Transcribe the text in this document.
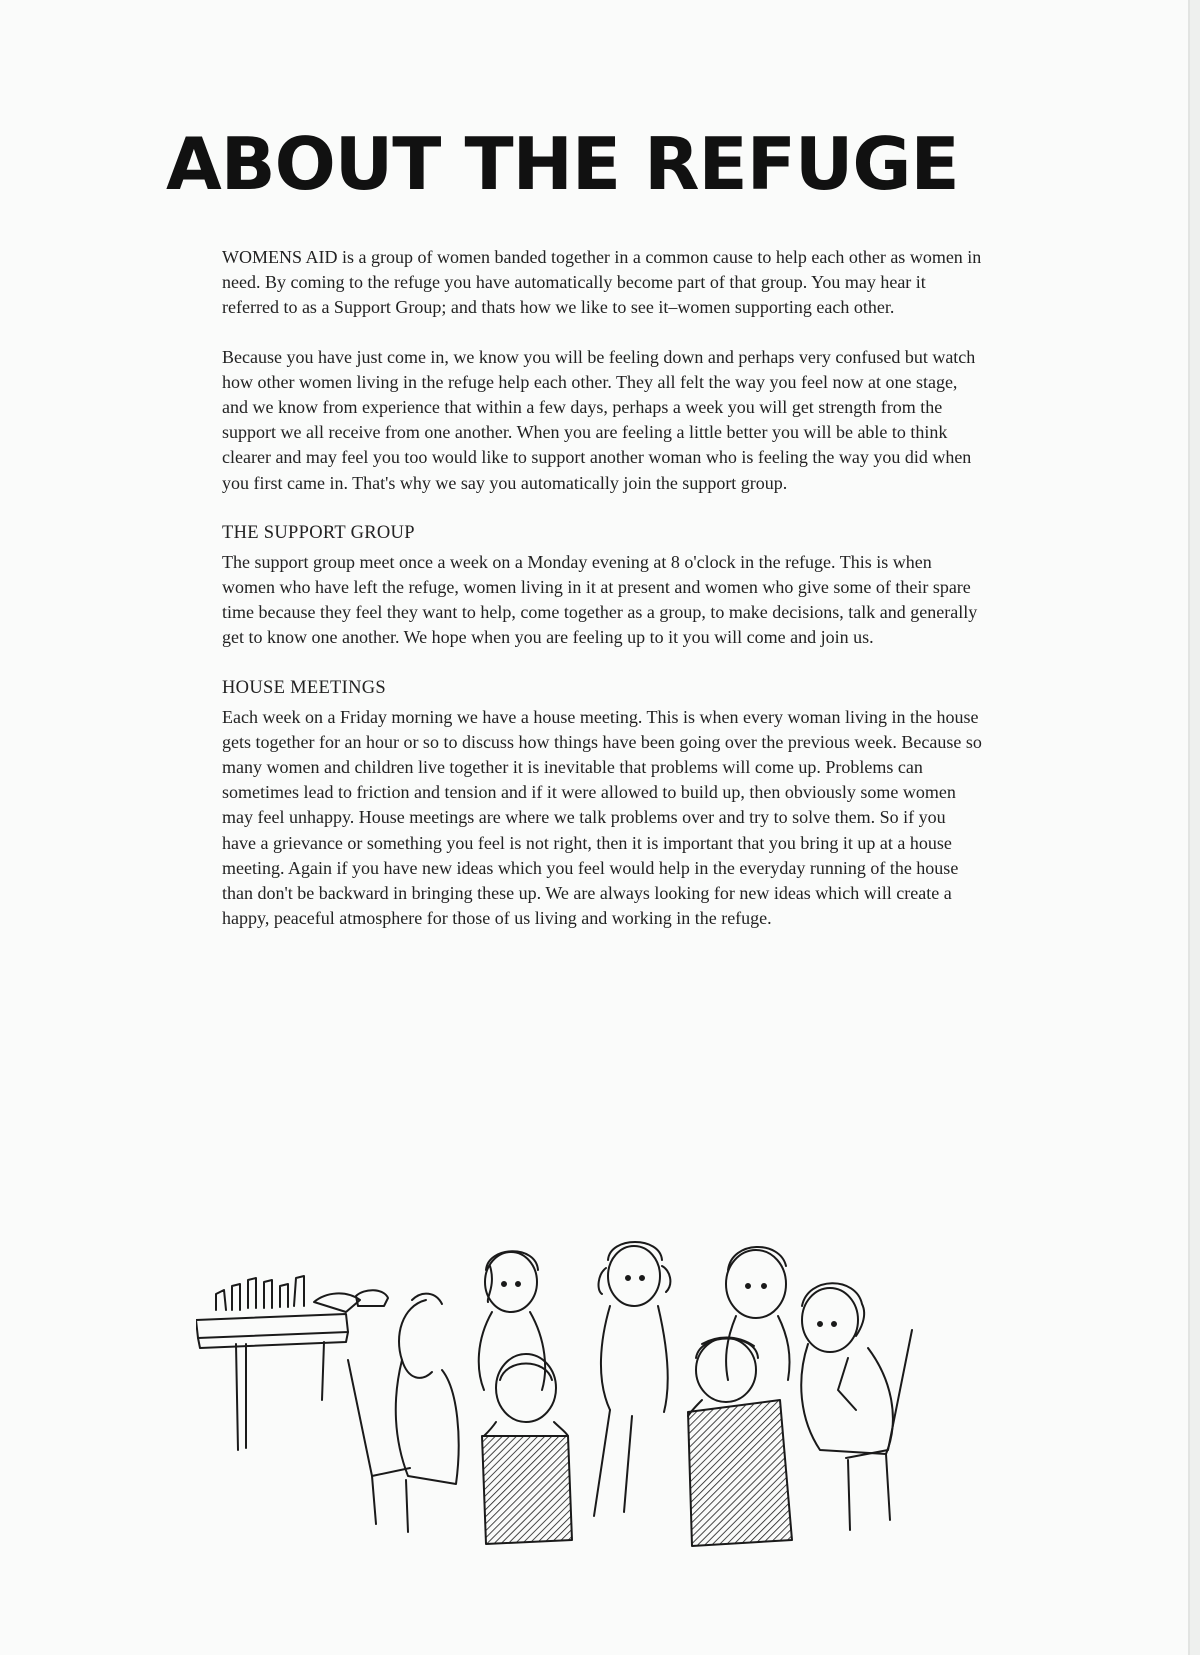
ABOUT THE REFUGE

WOMENS AID is a group of women banded together in a common cause to help each other as women in need. By coming to the refuge you have automatically become part of that group. You may hear it referred to as a Support Group; and thats how we like to see it–women supporting each other.

Because you have just come in, we know you will be feeling down and perhaps very confused but watch how other women living in the refuge help each other. They all felt the way you feel now at one stage, and we know from experience that within a few days, perhaps a week you will get strength from the support we all receive from one another. When you are feeling a little better you will be able to think clearer and may feel you too would like to support another woman who is feeling the way you did when you first came in. That's why we say you automatically join the support group.

THE SUPPORT GROUP

The support group meet once a week on a Monday evening at 8 o'clock in the refuge. This is when women who have left the refuge, women living in it at present and women who give some of their spare time because they feel they want to help, come together as a group, to make decisions, talk and generally get to know one another. We hope when you are feeling up to it you will come and join us.

HOUSE MEETINGS

Each week on a Friday morning we have a house meeting. This is when every woman living in the house gets together for an hour or so to discuss how things have been going over the previous week. Because so many women and children live together it is inevitable that problems will come up. Problems can sometimes lead to friction and tension and if it were allowed to build up, then obviously some women may feel unhappy. House meetings are where we talk problems over and try to solve them. So if you have a grievance or something you feel is not right, then it is important that you bring it up at a house meeting. Again if you have new ideas which you feel would help in the everyday running of the house than don't be backward in bringing these up. We are always looking for new ideas which will create a happy, peaceful atmosphere for those of us living and working in the refuge.
